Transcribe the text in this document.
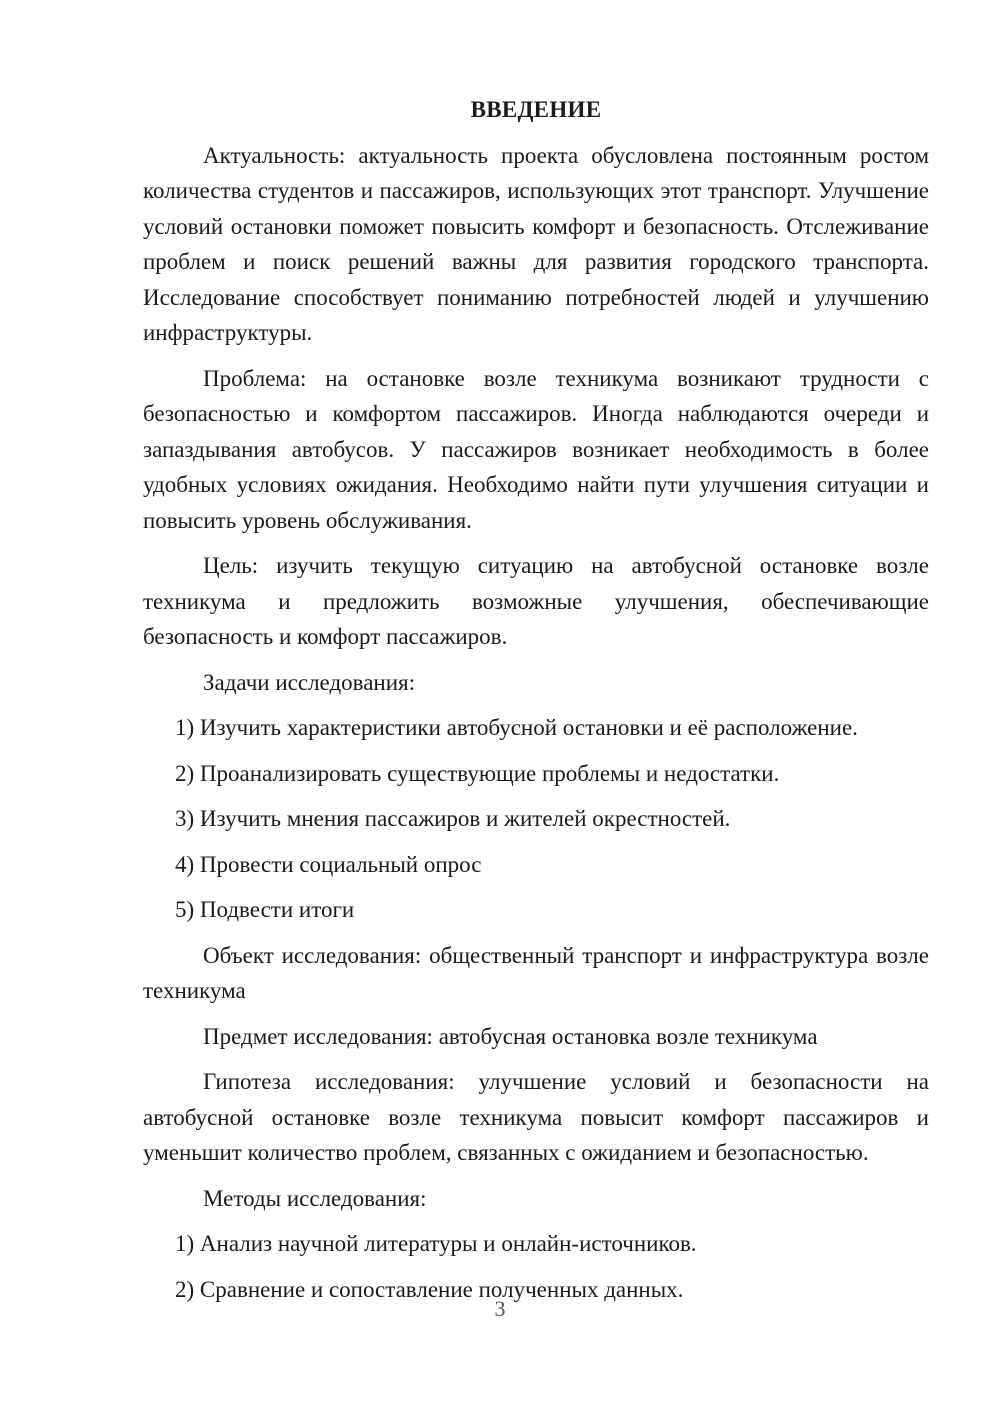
ВВЕДЕНИЕ

Актуальность: актуальность проекта обусловлена постоянным ростом количества студентов и пассажиров, использующих этот транспорт. Улучшение условий остановки поможет повысить комфорт и безопасность. Отслеживание проблем и поиск решений важны для развития городского транспорта. Исследование способствует пониманию потребностей людей и улучшению инфраструктуры.

Проблема: на остановке возле техникума возникают трудности с безопасностью и комфортом пассажиров. Иногда наблюдаются очереди и запаздывания автобусов. У пассажиров возникает необходимость в более удобных условиях ожидания. Необходимо найти пути улучшения ситуации и повысить уровень обслуживания.

Цель: изучить текущую ситуацию на автобусной остановке возле техникума и предложить возможные улучшения, обеспечивающие безопасность и комфорт пассажиров.

Задачи исследования:

1) Изучить характеристики автобусной остановки и её расположение.
2) Проанализировать существующие проблемы и недостатки.
3) Изучить мнения пассажиров и жителей окрестностей.
4) Провести социальный опрос
5) Подвести итоги

Объект исследования: общественный транспорт и инфраструктура возле техникума

Предмет исследования: автобусная остановка возле техникума

Гипотеза исследования: улучшение условий и безопасности на автобусной остановке возле техникума повысит комфорт пассажиров и уменьшит количество проблем, связанных с ожиданием и безопасностью.

Методы исследования:

1) Анализ научной литературы и онлайн-источников.
2) Сравнение и сопоставление полученных данных.
3
